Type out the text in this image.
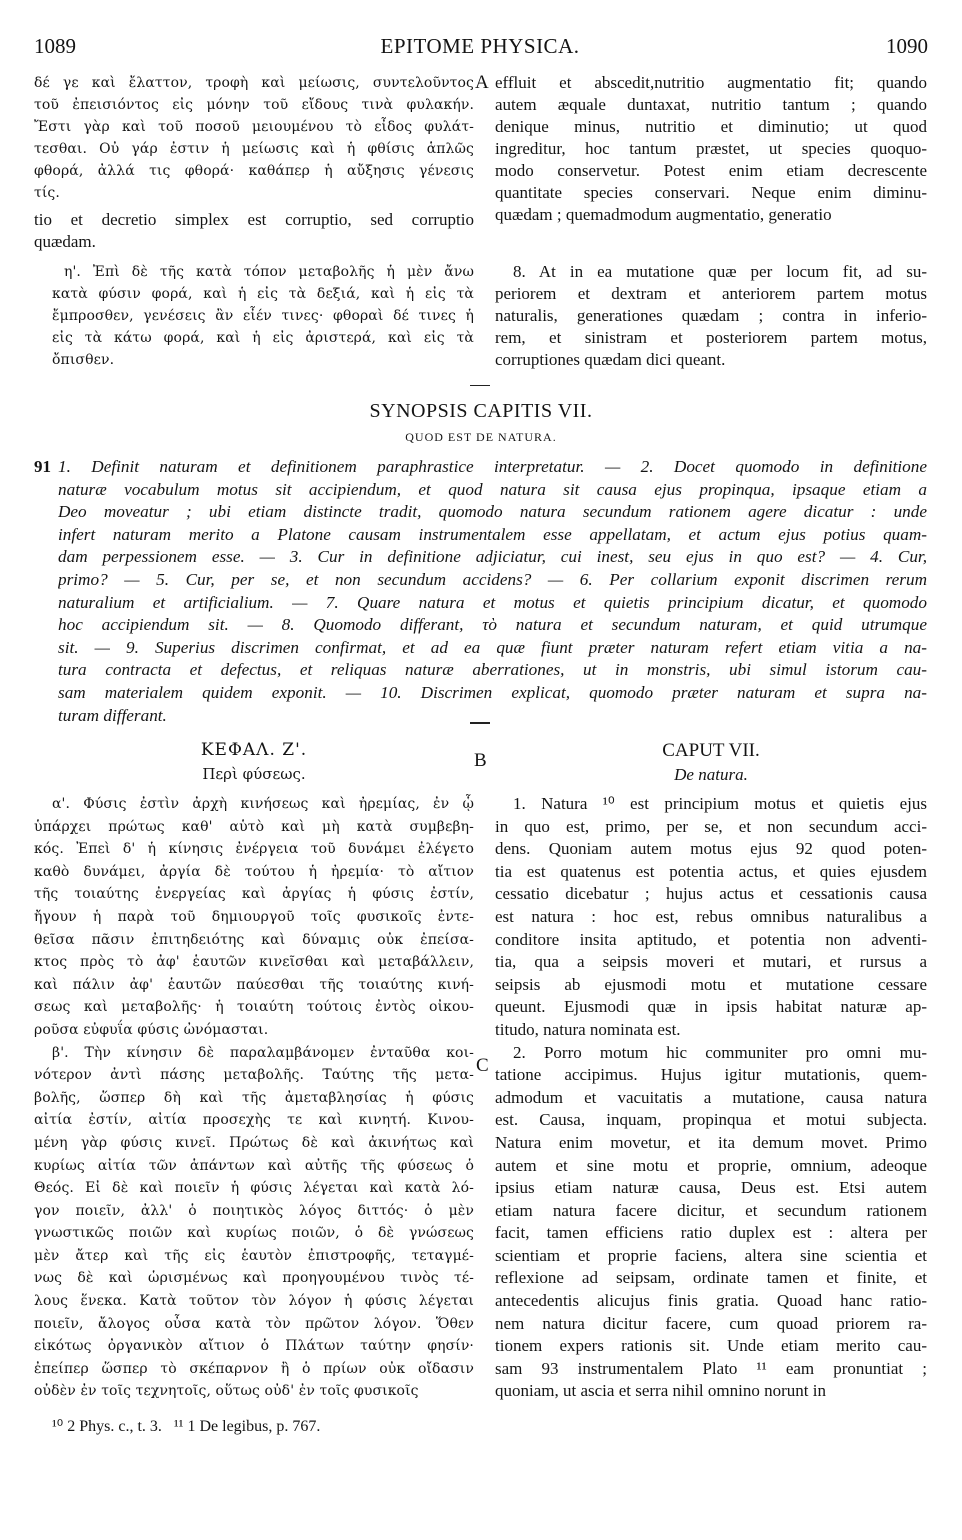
1089	EPITOME PHYSICA.	1090
δέ γε καὶ ἔλαττον, τροφὴ καὶ μείωσις, συντελοῦντος
τοῦ ἐπεισιόντος εἰς μόνην τοῦ εἴδους τινὰ φυλακήν.
Ἔστι γὰρ καὶ τοῦ ποσοῦ μειουμένου τὸ εἶδος φυλάτ-
τεσθαι. Οὐ γάρ ἐστιν ἡ μείωσις καὶ ἡ φθίσις ἁπλῶς
φθορά, ἀλλά τις φθορά· καθάπερ ἡ αὔξησις γένεσις
τίς.
tio et decretio simplex est corruptio, sed corruptio
quædam.
A effluit et abscedit,nutritio augmentatio fit; quando
autem æquale duntaxat, nutritio tantum ; quando
denique minus, nutritio et diminutio; ut quod
ingreditur, hoc tantum præstet, ut species quoquo-
modo conservetur. Potest enim etiam decrescente
quantitate species conservari. Neque enim diminu-
quædam ; quemadmodum augmentatio, generatio
η'. Ἐπὶ δὲ τῆς κατὰ τόπον μεταβολῆς ἡ μὲν ἄνω
κατὰ φύσιν φορά, καὶ ἡ εἰς τὰ δεξιά, καὶ ἡ εἰς τὰ
ἔμπροσθεν, γενέσεις ἂν εἶέν τινες· φθοραὶ δέ τινες ἡ
εἰς τὰ κάτω φορά, καὶ ἡ εἰς ἀριστερά, καὶ εἰς τὰ
ὄπισθεν.
8. At in ea mutatione quæ per locum fit, ad su-
periorem et dextram et anteriorem partem motus
naturalis, generationes quædam ; contra in inferio-
rem, et sinistram et posteriorem partem motus,
corruptiones quædam dici queant.
SYNOPSIS CAPITIS VII.
QUOD EST DE NATURA.
91 1. Definit naturam et definitionem paraphrastice interpretatur. — 2. Docet quomodo in definitione
naturæ vocabulum motus sit accipiendum, et quod natura sit causa ejus propinqua, ipsaque etiam a
Deo moveatur ; ubi etiam distincte tradit, quomodo natura secundum rationem agere dicatur : unde
infert naturam merito a Platone causam instrumentalem esse appellatam, et actum ejus potius quam-
dam perpessionem esse. — 3. Cur in definitione adjiciatur, cui inest, seu ejus in quo est? — 4. Cur,
primo? — 5. Cur, per se, et non secundum accidens? — 6. Per collarium exponit discrimen rerum
naturalium et artificialium. — 7. Quare natura et motus et quietis principium dicatur, et quomodo
hoc accipiendum sit. — 8. Quomodo differant, τὸ natura et secundum naturam, et quid utrumque
sit. — 9. Superius discrimen confirmat, et ad ea quæ fiunt præter naturam refert etiam vitia a na-
tura contracta et defectus, et reliquas naturæ aberrationes, ut in monstris, ubi simul istorum cau-
sam materialem quidem exponit. — 10. Discrimen explicat, quomodo præter naturam et supra na-
turam differant.
ΚΕΦΑΛ. Ζ'.
Περὶ φύσεως.
B	CAPUT VII.
De natura.
α'. Φύσις ἐστὶν ἀρχὴ κινήσεως καὶ ἠρεμίας, ἐν ᾧ
ὑπάρχει πρώτως καθ' αὑτὸ καὶ μὴ κατὰ συμβεβη-
κός. Ἐπεὶ δ' ἡ κίνησις ἐνέργεια τοῦ δυνάμει ἐλέγετο
καθὸ δυνάμει, ἀργία δὲ τούτου ἡ ἠρεμία· τὸ αἴτιον
τῆς τοιαύτης ἐνεργείας καὶ ἀργίας ἡ φύσις ἐστίν,
ἤγουν ἡ παρὰ τοῦ δημιουργοῦ τοῖς φυσικοῖς ἐντε-
θεῖσα πᾶσιν ἐπιτηδειότης καὶ δύναμις οὐκ ἐπείσα-
κτος πρὸς τὸ ἀφ' ἑαυτῶν κινεῖσθαι καὶ μεταβάλλειν,
καὶ πάλιν ἀφ' ἑαυτῶν παύεσθαι τῆς τοιαύτης κινή-
σεως καὶ μεταβολῆς· ἡ τοιαύτη τούτοις ἐντὸς οἰκου-
ροῦσα εὐφυΐα φύσις ὠνόμασται.
β'. Τὴν κίνησιν δὲ παραλαμβάνομεν ἐνταῦθα κοι-
νότερον ἀντὶ πάσης μεταβολῆς. Ταύτης τῆς μετα-
βολῆς, ὥσπερ δὴ καὶ τῆς ἀμεταβλησίας ἡ φύσις
αἰτία ἐστίν, αἰτία προσεχὴς τε καὶ κινητή. Κινου-
μένη γὰρ φύσις κινεῖ. Πρώτως δὲ καὶ ἀκινήτως καὶ
κυρίως αἰτία τῶν ἁπάντων καὶ αὐτῆς τῆς φύσεως ὁ
Θεός. Εἰ δὲ καὶ ποιεῖν ἡ φύσις λέγεται καὶ κατὰ λό-
γον ποιεῖν, ἀλλ' ὁ ποιητικὸς λόγος διττός· ὁ μὲν
γνωστικῶς ποιῶν καὶ κυρίως ποιῶν, ὁ δὲ γνώσεως
μὲν ἄτερ καὶ τῆς εἰς ἑαυτὸν ἐπιστροφῆς, τεταγμέ-
νως δὲ καὶ ὡρισμένως καὶ προηγουμένου τινὸς τέ-
λους ἕνεκα. Κατὰ τοῦτον τὸν λόγον ἡ φύσις λέγεται
ποιεῖν, ἄλογος οὖσα κατὰ τὸν πρῶτον λόγον. Ὅθεν
εἰκότως ὀργανικὸν αἴτιον ὁ Πλάτων ταύτην φησίν·
ἐπείπερ ὥσπερ τὸ σκέπαρνον ἢ ὁ πρίων οὐκ οἴδασιν
οὐδὲν ἐν τοῖς τεχνητοῖς, οὕτως οὐδ' ἐν τοῖς φυσικοῖς
C
1. Natura ¹⁰ est principium motus et quietis ejus
in quo est, primo, per se, et non secundum acci-
dens. Quoniam autem motus ejus 92 quod poten-
tia est quatenus est potentia actus, et quies ejusdem
cessatio dicebatur ; hujus actus et cessationis causa
est natura : hoc est, rebus omnibus naturalibus a
conditore insita aptitudo, et potentia non adventi-
tia, qua a seipsis moveri et mutari, et rursus a
seipsis ab ejusmodi motu et mutatione cessare
queunt. Ejusmodi quæ in ipsis habitat naturæ ap-
titudo, natura nominata est.
2. Porro motum hic communiter pro omni mu-
tatione accipimus. Hujus igitur mutationis, quem-
admodum et vacuitatis a mutatione, causa natura
est. Causa, inquam, propinqua et motui subjecta.
Natura enim movetur, et ita demum movet. Primo
autem et sine motu et proprie, omnium, adeoque
ipsius etiam naturæ causa, Deus est. Etsi autem
etiam natura facere dicitur, et secundum rationem
facit, tamen efficiens ratio duplex est : altera per
scientiam et proprie faciens, altera sine scientia et
reflexione ad seipsam, ordinate tamen et finite, et
antecedentis alicujus finis gratia. Quoad hanc ratio-
nem natura dicitur facere, cum quoad priorem ra-
tionem expers rationis sit. Unde etiam merito cau-
sam 93 instrumentalem Plato ¹¹ eam pronuntiat ;
quoniam, ut ascia et serra nihil omnino norunt in
¹⁰ 2 Phys. c., t. 3.   ¹¹ 1 De legibus, p. 767.
